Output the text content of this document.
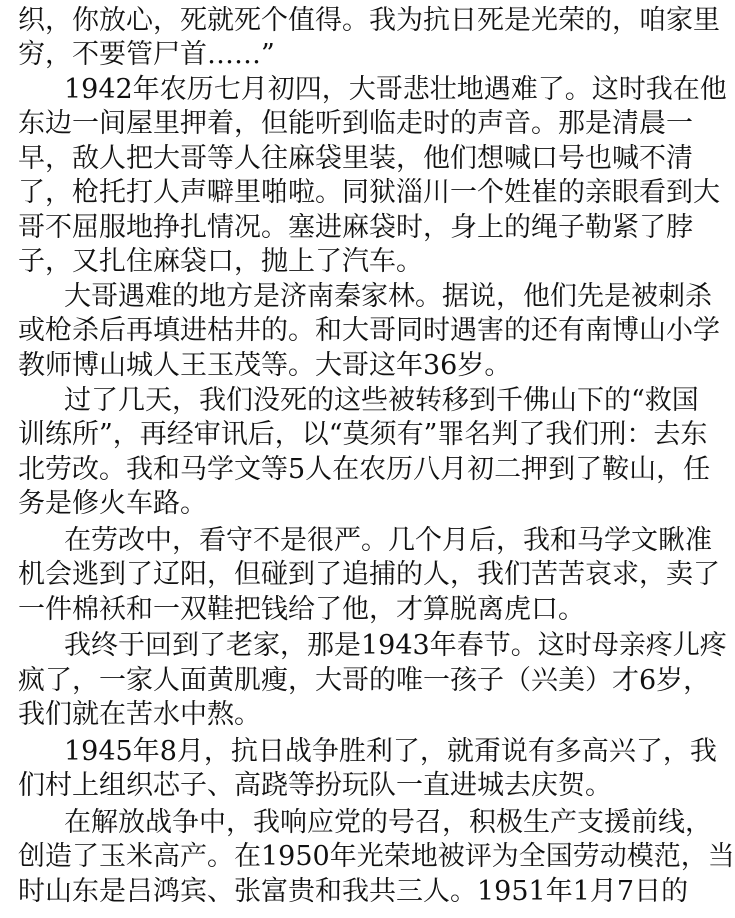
织，你放心，死就死个值得。我为抗日死是光荣的，咱家里
穷，不要管尸首……”
1942年农历七月初四，大哥悲壮地遇难了。这时我在他
东边一间屋里押着，但能听到临走时的声音。那是清晨一
早，敌人把大哥等人往麻袋里装，他们想喊口号也喊不清
了，枪托打人声噼里啪啦。同狱淄川一个姓崔的亲眼看到大
哥不屈服地挣扎情况。塞进麻袋时，身上的绳子勒紧了脖
子，又扎住麻袋口，抛上了汽车。
大哥遇难的地方是济南秦家林。据说，他们先是被刺杀
或枪杀后再填进枯井的。和大哥同时遇害的还有南博山小学
教师博山城人王玉茂等。大哥这年36岁。
过了几天，我们没死的这些被转移到千佛山下的“救国
训练所”，再经审讯后，以“莫须有”罪名判了我们刑：去东
北劳改。我和马学文等5人在农历八月初二押到了鞍山，任
务是修火车路。
在劳改中，看守不是很严。几个月后，我和马学文瞅准
机会逃到了辽阳，但碰到了追捕的人，我们苦苦哀求，卖了
一件棉袄和一双鞋把钱给了他，才算脱离虎口。
我终于回到了老家，那是1943年春节。这时母亲疼儿疼
疯了，一家人面黄肌瘦，大哥的唯一孩子（兴美）才6岁，
我们就在苦水中熬。
1945年8月，抗日战争胜利了，就甭说有多高兴了，我
们村上组织芯子、高跷等扮玩队一直进城去庆贺。
在解放战争中，我响应党的号召，积极生产支援前线，
创造了玉米高产。在1950年光荣地被评为全国劳动模范，当
时山东是吕鸿宾、张富贵和我共三人。1951年1月7日的
